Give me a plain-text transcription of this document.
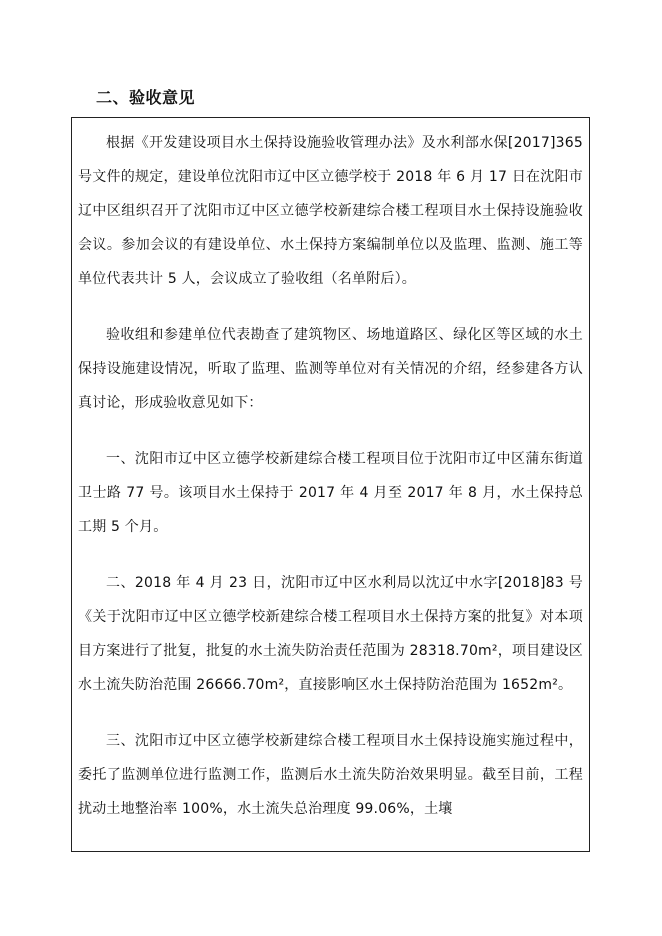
二、验收意见

根据《开发建设项目水土保持设施验收管理办法》及水利部水保[2017]365 号文件的规定，建设单位沈阳市辽中区立德学校于 2018 年 6 月 17 日在沈阳市辽中区组织召开了沈阳市辽中区立德学校新建综合楼工程项目水土保持设施验收会议。参加会议的有建设单位、水土保持方案编制单位以及监理、监测、施工等单位代表共计 5 人，会议成立了验收组（名单附后）。

验收组和参建单位代表勘查了建筑物区、场地道路区、绿化区等区域的水土保持设施建设情况，听取了监理、监测等单位对有关情况的介绍，经参建各方认真讨论，形成验收意见如下：

一、沈阳市辽中区立德学校新建综合楼工程项目位于沈阳市辽中区蒲东街道卫士路 77 号。该项目水土保持于 2017 年 4 月至 2017 年 8 月，水土保持总工期 5 个月。

二、2018 年 4 月 23 日，沈阳市辽中区水利局以沈辽中水字[2018]83 号《关于沈阳市辽中区立德学校新建综合楼工程项目水土保持方案的批复》对本项目方案进行了批复，批复的水土流失防治责任范围为 28318.70m²，项目建设区水土流失防治范围 26666.70m²，直接影响区水土保持防治范围为 1652m²。

三、沈阳市辽中区立德学校新建综合楼工程项目水土保持设施实施过程中，委托了监测单位进行监测工作，监测后水土流失防治效果明显。截至目前，工程扰动土地整治率 100%，水土流失总治理度 99.06%，土壤
